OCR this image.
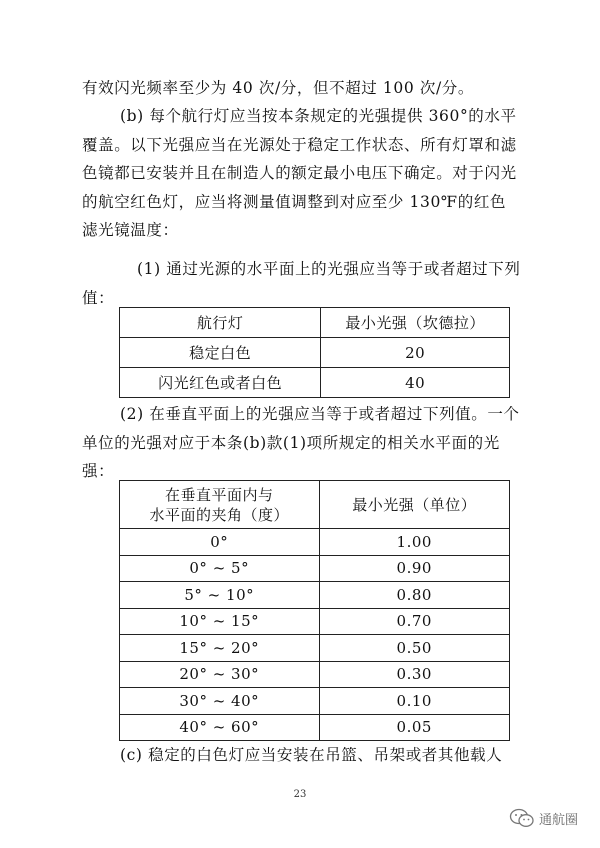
有效闪光频率至少为 40 次/分，但不超过 100 次/分。

(b) 每个航行灯应当按本条规定的光强提供 360°的水平覆盖。以下光强应当在光源处于稳定工作状态、所有灯罩和滤色镜都已安装并且在制造人的额定最小电压下确定。对于闪光的航空红色灯，应当将测量值调整到对应至少 130℉的红色滤光镜温度：

(1) 通过光源的水平面上的光强应当等于或者超过下列值：

航行灯	最小光强（坎德拉）
稳定白色	20
闪光红色或者白色	40

(2) 在垂直平面上的光强应当等于或者超过下列值。一个单位的光强对应于本条(b)款(1)项所规定的相关水平面的光强：

在垂直平面内与
水平面的夹角（度）	最小光强（单位）
0°	1.00
0° ~ 5°	0.90
5° ~ 10°	0.80
10° ~ 15°	0.70
15° ~ 20°	0.50
20° ~ 30°	0.30
30° ~ 40°	0.10
40° ~ 60°	0.05

(c) 稳定的白色灯应当安装在吊篮、吊架或者其他载人

23
通航圈
